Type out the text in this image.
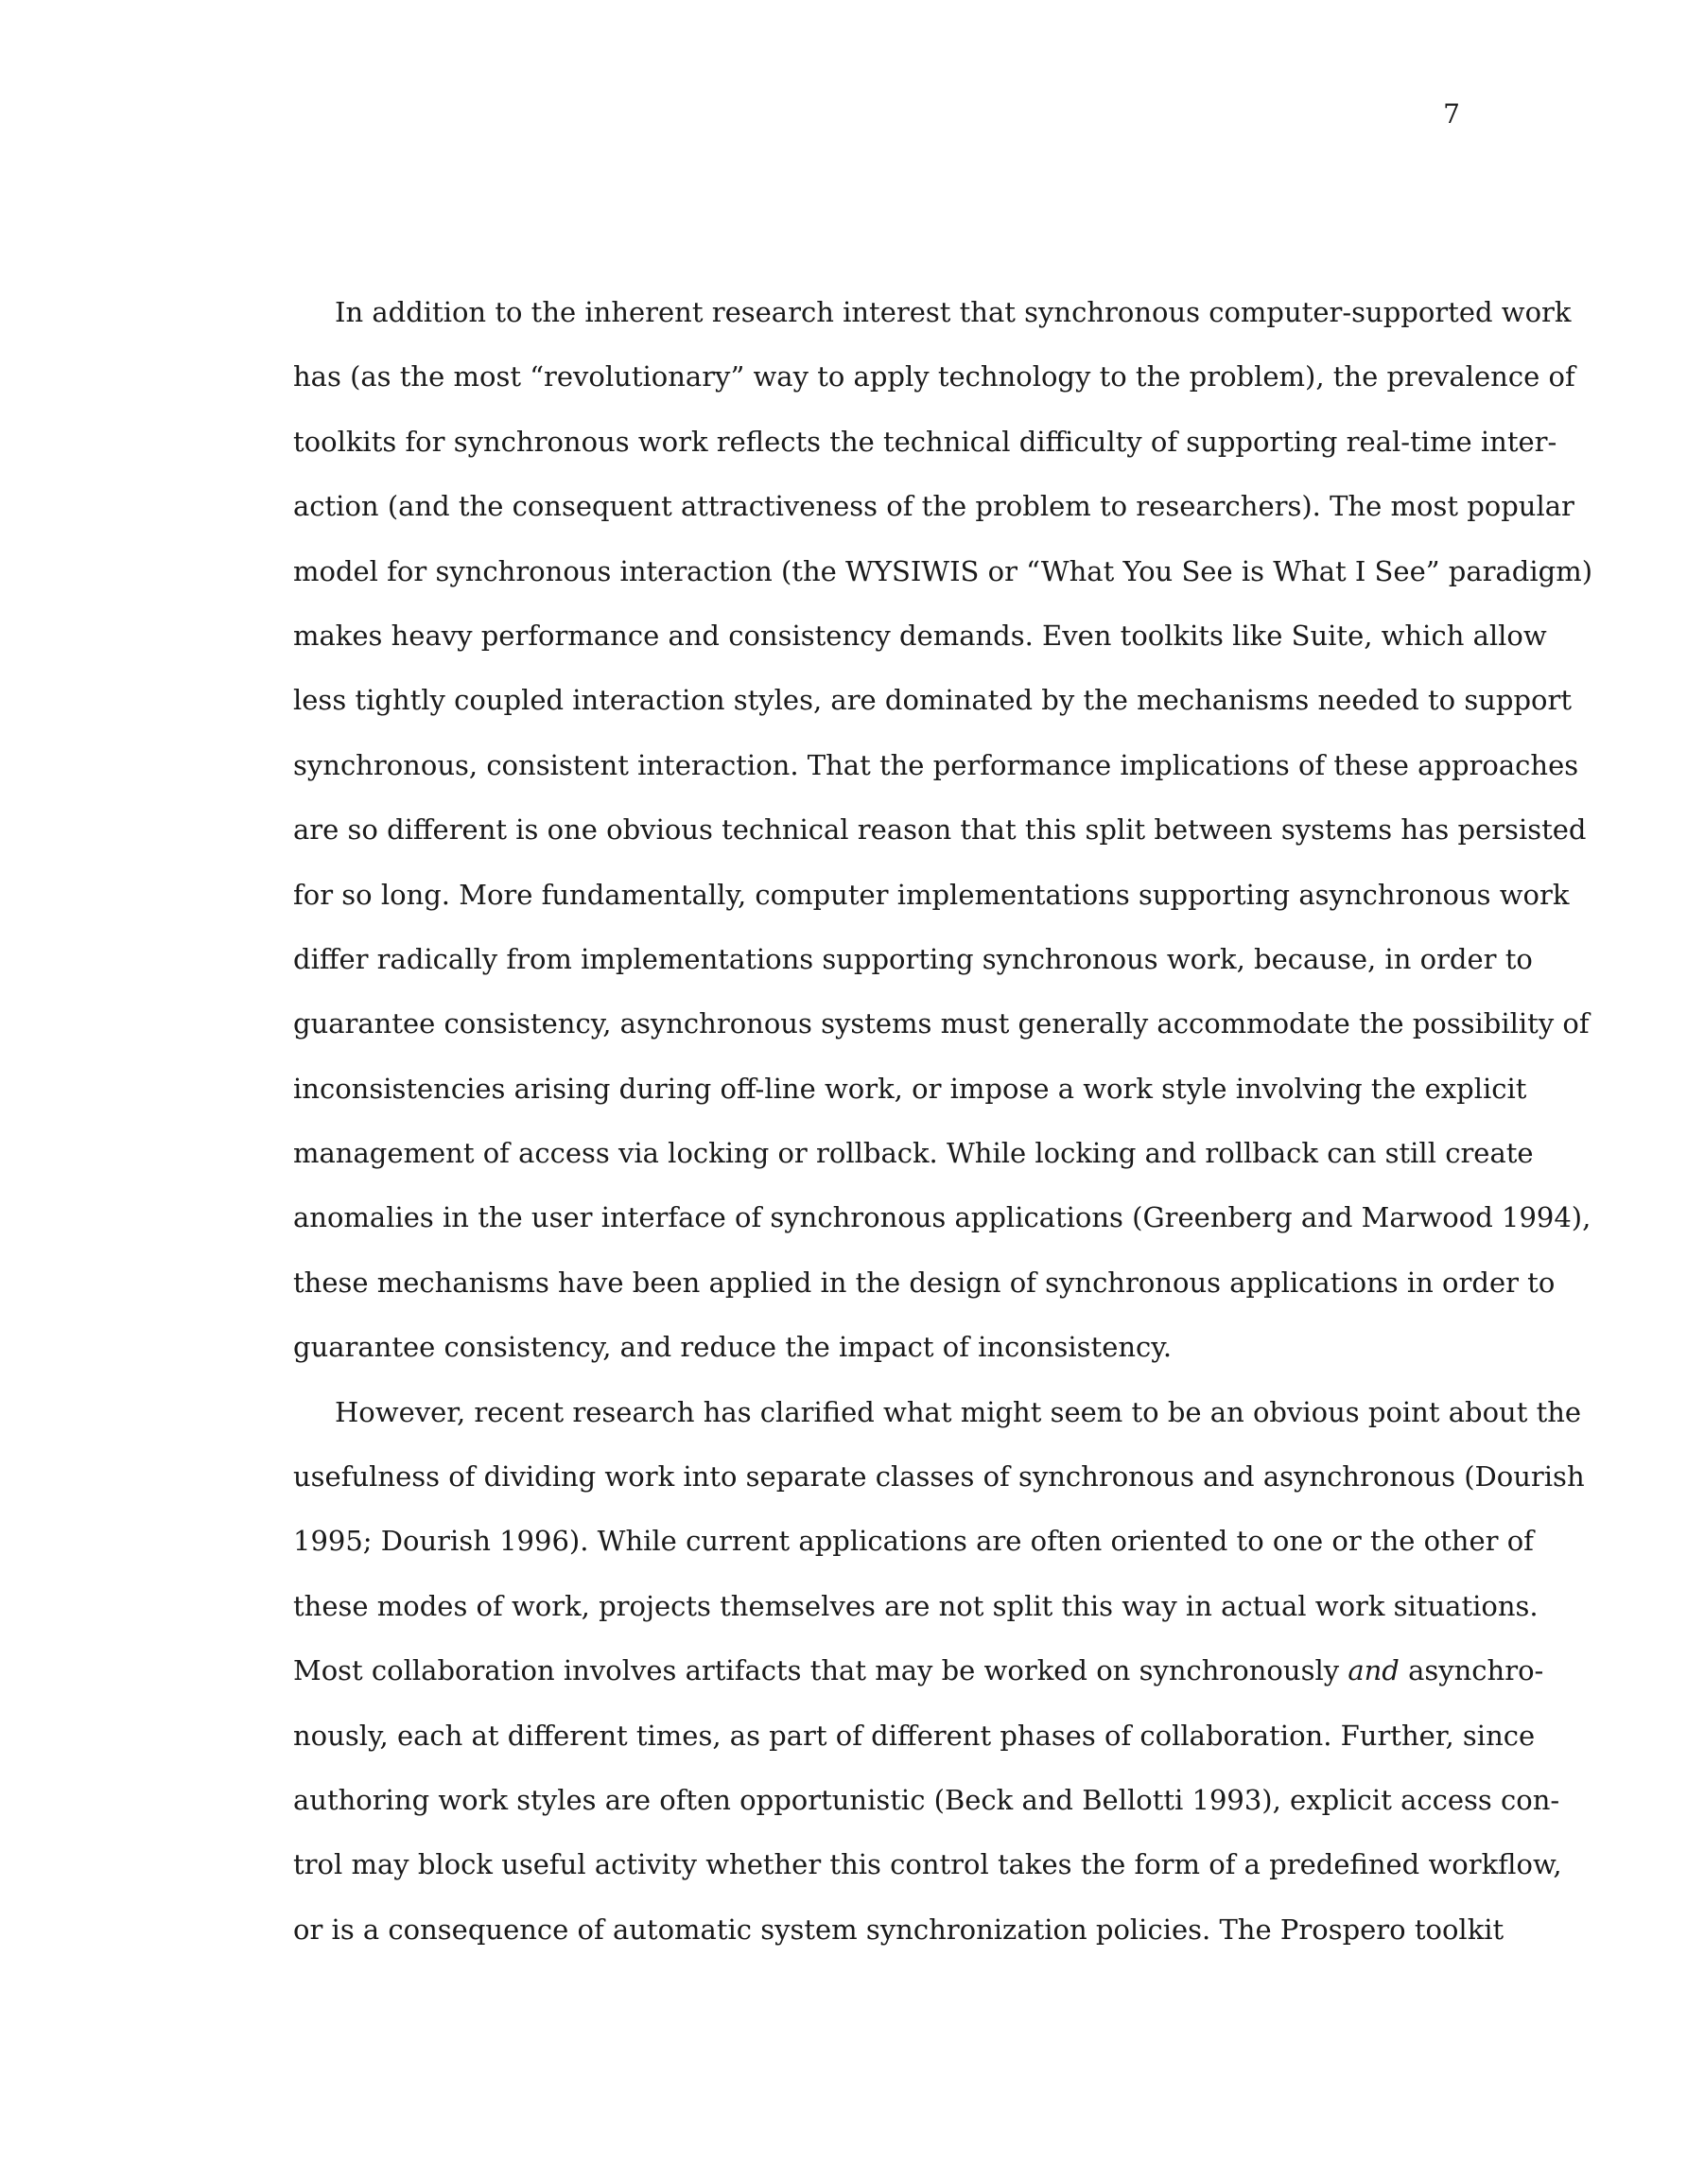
7
In addition to the inherent research interest that synchronous computer-supported work
has (as the most “revolutionary” way to apply technology to the problem), the prevalence of
toolkits for synchronous work reflects the technical difficulty of supporting real-time inter-
action (and the consequent attractiveness of the problem to researchers). The most popular
model for synchronous interaction (the WYSIWIS or “What You See is What I See” paradigm)
makes heavy performance and consistency demands. Even toolkits like Suite, which allow
less tightly coupled interaction styles, are dominated by the mechanisms needed to support
synchronous, consistent interaction. That the performance implications of these approaches
are so different is one obvious technical reason that this split between systems has persisted
for so long. More fundamentally, computer implementations supporting asynchronous work
differ radically from implementations supporting synchronous work, because, in order to
guarantee consistency, asynchronous systems must generally accommodate the possibility of
inconsistencies arising during off-line work, or impose a work style involving the explicit
management of access via locking or rollback. While locking and rollback can still create
anomalies in the user interface of synchronous applications (Greenberg and Marwood 1994),
these mechanisms have been applied in the design of synchronous applications in order to
guarantee consistency, and reduce the impact of inconsistency.
However, recent research has clarified what might seem to be an obvious point about the
usefulness of dividing work into separate classes of synchronous and asynchronous (Dourish
1995; Dourish 1996). While current applications are often oriented to one or the other of
these modes of work, projects themselves are not split this way in actual work situations.
Most collaboration involves artifacts that may be worked on synchronously and asynchro-
nously, each at different times, as part of different phases of collaboration. Further, since
authoring work styles are often opportunistic (Beck and Bellotti 1993), explicit access con-
trol may block useful activity whether this control takes the form of a predefined workflow,
or is a consequence of automatic system synchronization policies. The Prospero toolkit
